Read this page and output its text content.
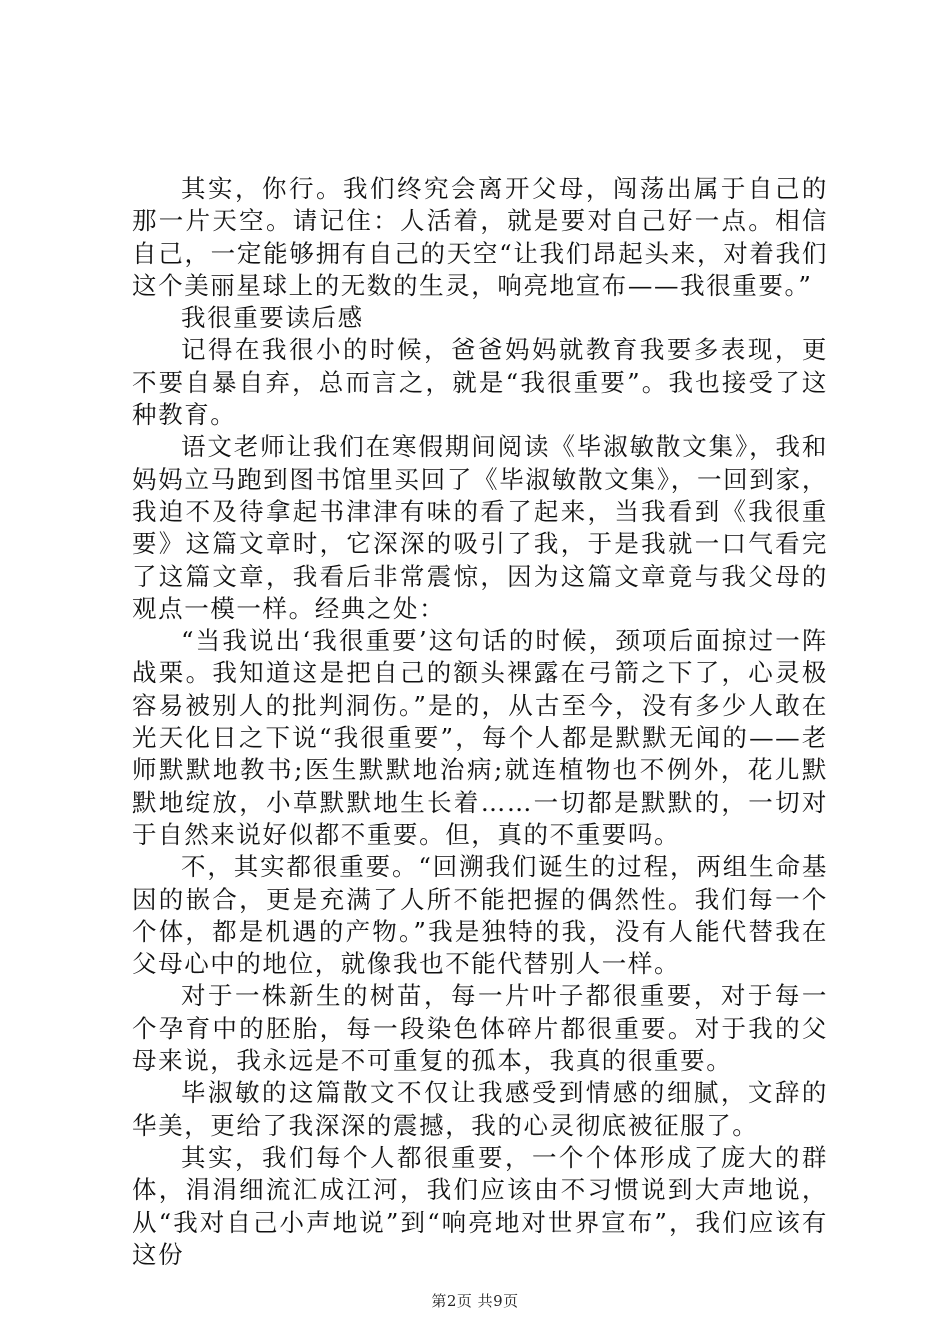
其实，你行。我们终究会离开父母，闯荡出属于自己的那一片天空。请记住：人活着，就是要对自己好一点。相信自己，一定能够拥有自己的天空“让我们昂起头来，对着我们这个美丽星球上的无数的生灵，响亮地宣布——我很重要。”

我很重要读后感

记得在我很小的时候，爸爸妈妈就教育我要多表现，更不要自暴自弃，总而言之，就是“我很重要”。我也接受了这种教育。

语文老师让我们在寒假期间阅读《毕淑敏散文集》，我和妈妈立马跑到图书馆里买回了《毕淑敏散文集》，一回到家，我迫不及待拿起书津津有味的看了起来，当我看到《我很重要》这篇文章时，它深深的吸引了我，于是我就一口气看完了这篇文章，我看后非常震惊，因为这篇文章竟与我父母的观点一模一样。经典之处：

“当我说出‘我很重要’这句话的时候，颈项后面掠过一阵战栗。我知道这是把自己的额头裸露在弓箭之下了，心灵极容易被别人的批判洞伤。”是的，从古至今，没有多少人敢在光天化日之下说“我很重要”，每个人都是默默无闻的——老师默默地教书;医生默默地治病;就连植物也不例外，花儿默默地绽放，小草默默地生长着……一切都是默默的，一切对于自然来说好似都不重要。但，真的不重要吗。

不，其实都很重要。“回溯我们诞生的过程，两组生命基因的嵌合，更是充满了人所不能把握的偶然性。我们每一个个体，都是机遇的产物。”我是独特的我，没有人能代替我在父母心中的地位，就像我也不能代替别人一样。

对于一株新生的树苗，每一片叶子都很重要，对于每一个孕育中的胚胎，每一段染色体碎片都很重要。对于我的父母来说，我永远是不可重复的孤本，我真的很重要。

毕淑敏的这篇散文不仅让我感受到情感的细腻，文辞的华美，更给了我深深的震撼，我的心灵彻底被征服了。

其实，我们每个人都很重要，一个个体形成了庞大的群体，涓涓细流汇成江河，我们应该由不习惯说到大声地说，从“我对自己小声地说”到“响亮地对世界宣布”，我们应该有这份

第2页 共9页
